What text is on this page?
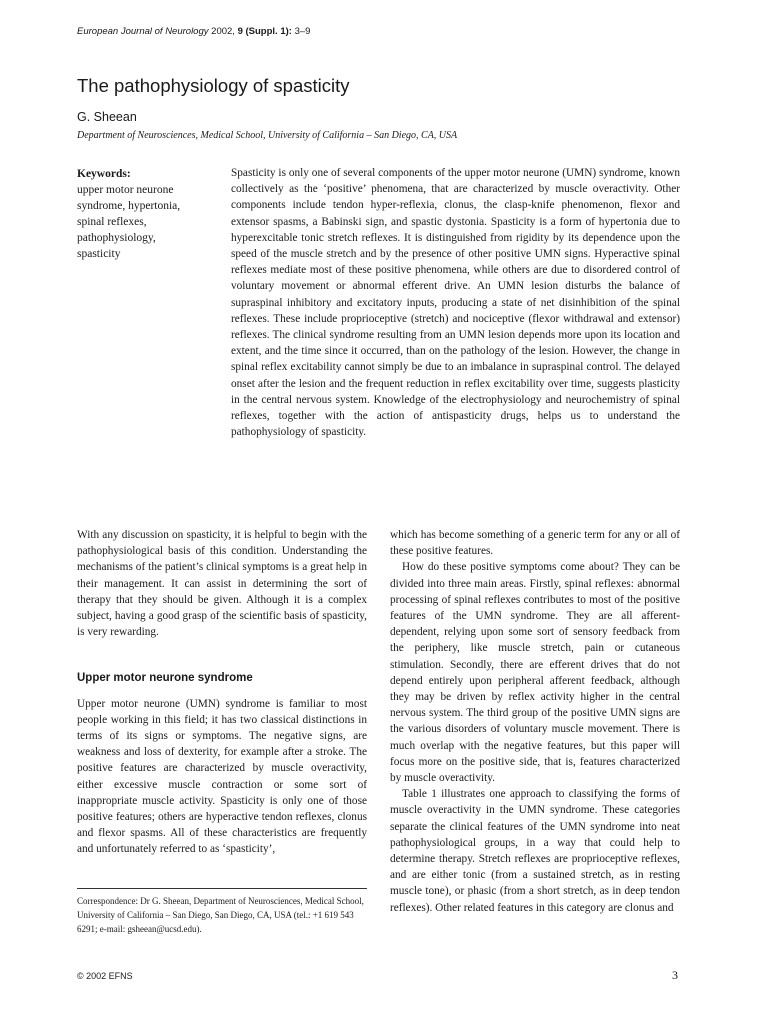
European Journal of Neurology 2002, 9 (Suppl. 1): 3–9
The pathophysiology of spasticity
G. Sheean
Department of Neurosciences, Medical School, University of California – San Diego, CA, USA
Keywords:
upper motor neurone
syndrome, hypertonia,
spinal reflexes,
pathophysiology,
spasticity

Spasticity is only one of several components of the upper motor neurone (UMN) syndrome, known collectively as the ‘positive’ phenomena, that are characterized by muscle overactivity. Other components include tendon hyper-reflexia, clonus, the clasp-knife phenomenon, flexor and extensor spasms, a Babinski sign, and spastic dystonia. Spasticity is a form of hypertonia due to hyperexcitable tonic stretch reflexes. It is distinguished from rigidity by its dependence upon the speed of the muscle stretch and by the presence of other positive UMN signs. Hyperactive spinal reflexes mediate most of these positive phenomena, while others are due to disordered control of voluntary movement or abnormal efferent drive. An UMN lesion disturbs the balance of supraspinal inhibitory and excitatory inputs, producing a state of net disinhibition of the spinal reflexes. These include proprioceptive (stretch) and nociceptive (flexor withdrawal and extensor) reflexes. The clinical syndrome resulting from an UMN lesion depends more upon its location and extent, and the time since it occurred, than on the pathology of the lesion. However, the change in spinal reflex excitability cannot simply be due to an imbalance in supraspinal control. The delayed onset after the lesion and the frequent reduction in reflex excitability over time, suggests plasticity in the central nervous system. Knowledge of the electrophysiology and neurochemistry of spinal reflexes, together with the action of antispasticity drugs, helps us to understand the pathophysiology of spasticity.

With any discussion on spasticity, it is helpful to begin with the pathophysiological basis of this condition. Understanding the mechanisms of the patient’s clinical symptoms is a great help in their management. It can assist in determining the sort of therapy that they should be given. Although it is a complex subject, having a good grasp of the scientific basis of spasticity, is very rewarding.

Upper motor neurone syndrome

Upper motor neurone (UMN) syndrome is familiar to most people working in this field; it has two classical distinctions in terms of its signs or symptoms. The negative signs, are weakness and loss of dexterity, for example after a stroke. The positive features are characterized by muscle overactivity, either excessive muscle contraction or some sort of inappropriate muscle activity. Spasticity is only one of those positive features; others are hyperactive tendon reflexes, clonus and flexor spasms. All of these characteristics are frequently and unfortunately referred to as ‘spasticity’,

which has become something of a generic term for any or all of these positive features.

How do these positive symptoms come about? They can be divided into three main areas. Firstly, spinal reflexes: abnormal processing of spinal reflexes contributes to most of the positive features of the UMN syndrome. They are all afferent-dependent, relying upon some sort of sensory feedback from the periphery, like muscle stretch, pain or cutaneous stimulation. Secondly, there are efferent drives that do not depend entirely upon peripheral afferent feedback, although they may be driven by reflex activity higher in the central nervous system. The third group of the positive UMN signs are the various disorders of voluntary muscle movement. There is much overlap with the negative features, but this paper will focus more on the positive side, that is, features characterized by muscle overactivity.

Table 1 illustrates one approach to classifying the forms of muscle overactivity in the UMN syndrome. These categories separate the clinical features of the UMN syndrome into neat pathophysiological groups, in a way that could help to determine therapy. Stretch reflexes are proprioceptive reflexes, and are either tonic (from a sustained stretch, as in resting muscle tone), or phasic (from a short stretch, as in deep tendon reflexes). Other related features in this category are clonus and

Correspondence: Dr G. Sheean, Department of Neurosciences, Medical School, University of California – San Diego, San Diego, CA, USA (tel.: +1 619 543 6291; e-mail: gsheean@ucsd.edu).
© 2002 EFNS	3
